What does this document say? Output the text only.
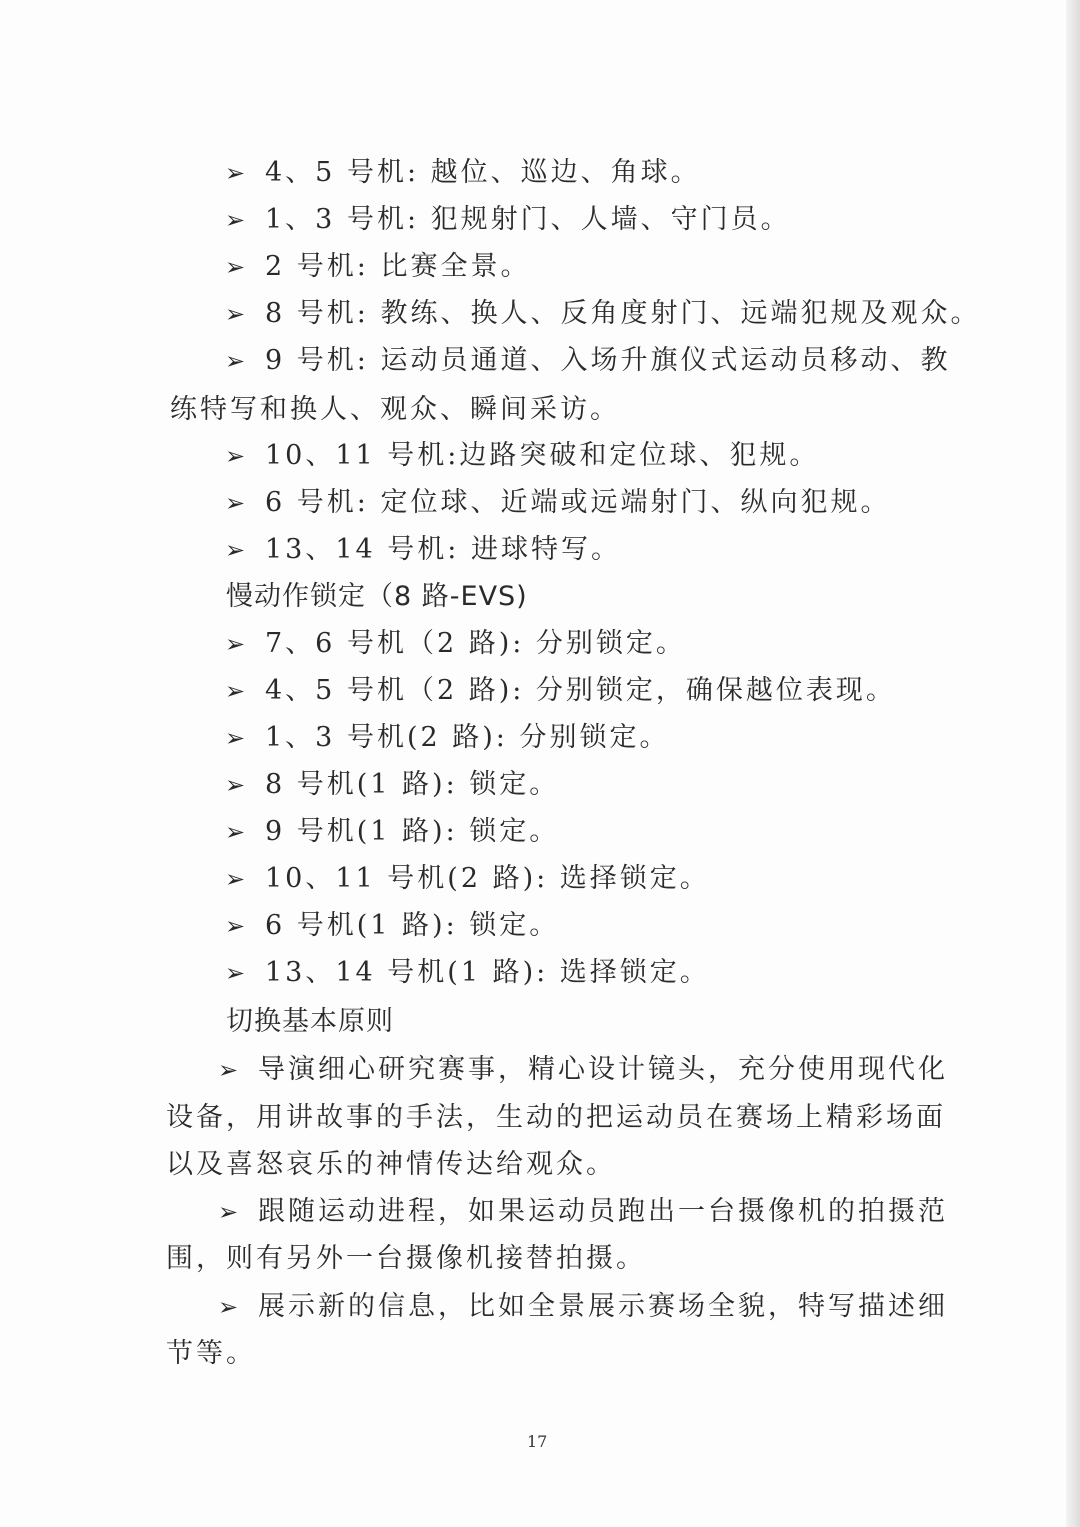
➢ 4、5 号机: 越位、巡边、角球。
➢ 1、3 号机: 犯规射门、人墙、守门员。
➢ 2 号机: 比赛全景。
➢ 8 号机: 教练、换人、反角度射门、远端犯规及观众。
➢ 9 号机: 运动员通道、入场升旗仪式运动员移动、教
练特写和换人、观众、瞬间采访。
➢ 10、11 号机:边路突破和定位球、犯规。
➢ 6 号机: 定位球、近端或远端射门、纵向犯规。
➢ 13、14 号机: 进球特写。
慢动作锁定（8 路-EVS)
➢ 7、6 号机（2 路): 分别锁定。
➢ 4、5 号机（2 路): 分别锁定，确保越位表现。
➢ 1、3 号机(2 路): 分别锁定。
➢ 8 号机(1 路): 锁定。
➢ 9 号机(1 路): 锁定。
➢ 10、11 号机(2 路): 选择锁定。
➢ 6 号机(1 路): 锁定。
➢ 13、14 号机(1 路): 选择锁定。
切换基本原则
➢ 导演细心研究赛事，精心设计镜头，充分使用现代化
设备，用讲故事的手法，生动的把运动员在赛场上精彩场面
以及喜怒哀乐的神情传达给观众。
➢ 跟随运动进程，如果运动员跑出一台摄像机的拍摄范
围，则有另外一台摄像机接替拍摄。
➢ 展示新的信息，比如全景展示赛场全貌，特写描述细
节等。
17
